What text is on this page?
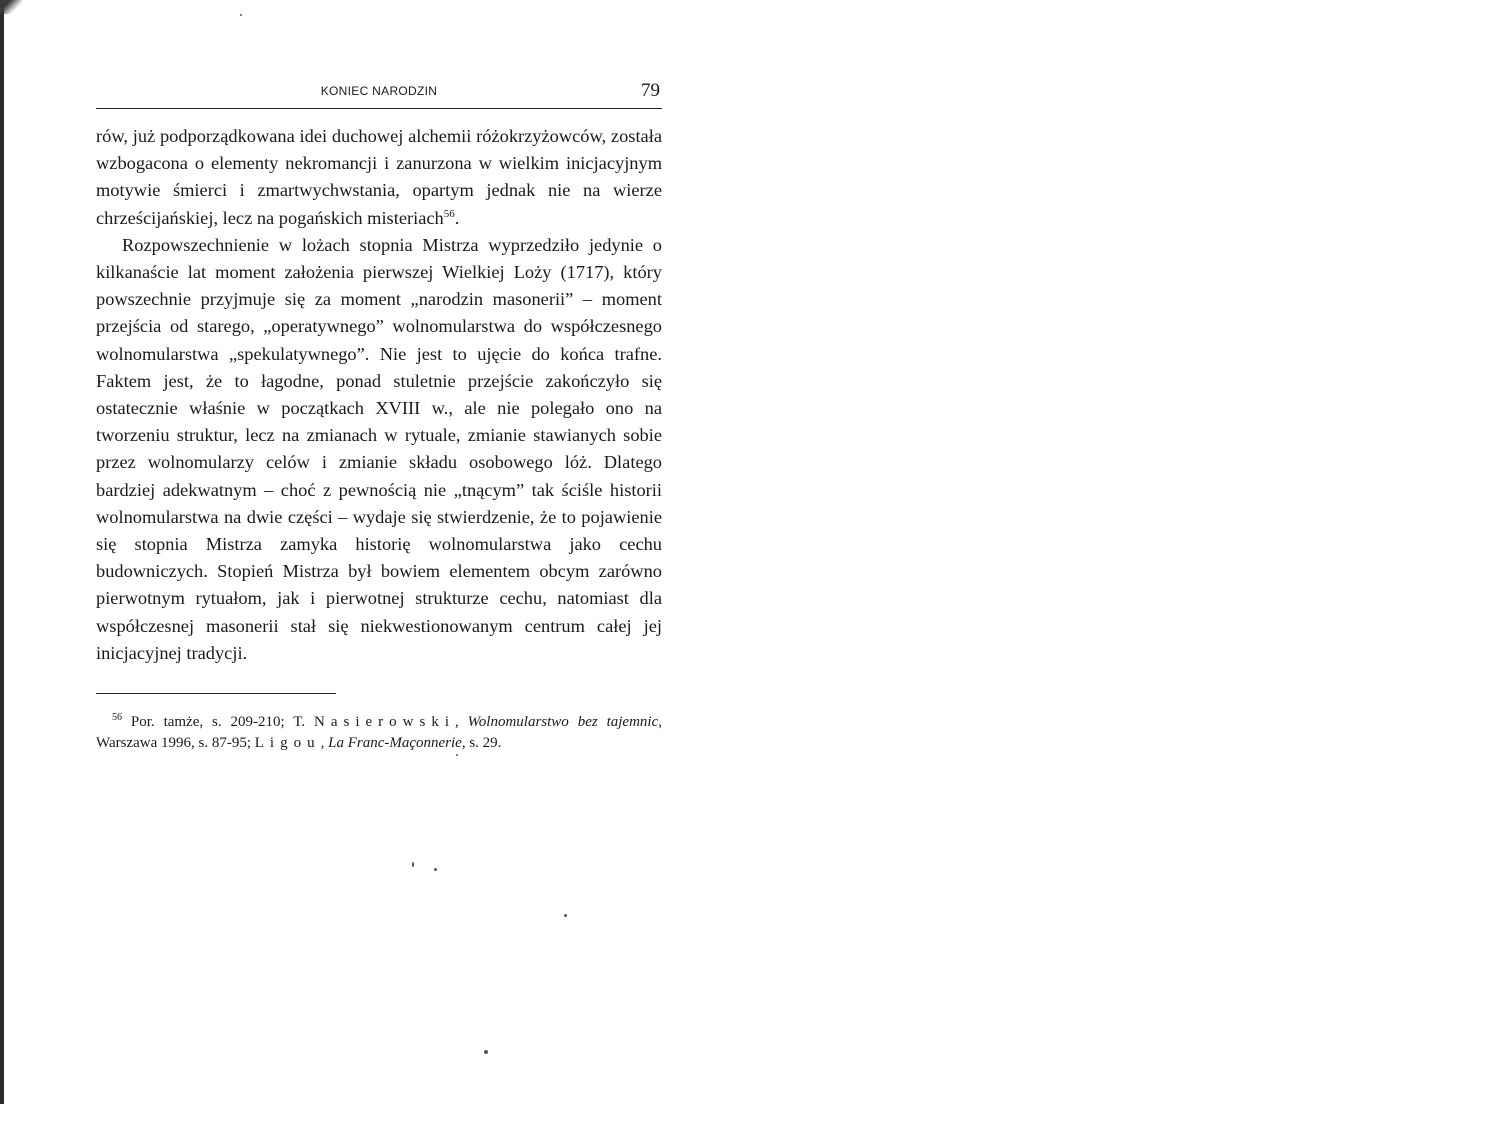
KONIEC NARODZIN	79

rów, już podporządkowana idei duchowej alchemii różokrzyżowców, została wzbogacona o elementy nekromancji i zanurzona w wielkim inicjacyjnym motywie śmierci i zmartwychwstania, opartym jednak nie na wierze chrześcijańskiej, lecz na pogańskich misteriach$^{56}$.

Rozpowszechnienie w lożach stopnia Mistrza wyprzedziło jedynie o kilkanaście lat moment założenia pierwszej Wielkiej Loży (1717), który powszechnie przyjmuje się za moment „narodzin masonerii” – moment przejścia od starego, „operatywnego” wolnomularstwa do współczesnego wolnomularstwa „spekulatywnego”. Nie jest to ujęcie do końca trafne. Faktem jest, że to łagodne, ponad stuletnie przejście zakończyło się ostatecznie właśnie w początkach XVIII w., ale nie polegało ono na tworzeniu struktur, lecz na zmianach w rytuale, zmianie stawianych sobie przez wolnomularzy celów i zmianie składu osobowego lóż. Dlatego bardziej adekwatnym – choć z pewnością nie „tnącym” tak ściśle historii wolnomularstwa na dwie części – wydaje się stwierdzenie, że to pojawienie się stopnia Mistrza zamyka historię wolnomularstwa jako cechu budowniczych. Stopień Mistrza był bowiem elementem obcym zarówno pierwotnym rytuałom, jak i pierwotnej strukturze cechu, natomiast dla współczesnej masonerii stał się niekwestionowanym centrum całej jej inicjacyjnej tradycji.

$^{56}$ Por. tamże, s. 209-210; T. Nasierowski, Wolnomularstwo bez tajemnic, Warszawa 1996, s. 87-95; Ligou, La Franc-Maçonnerie, s. 29.
